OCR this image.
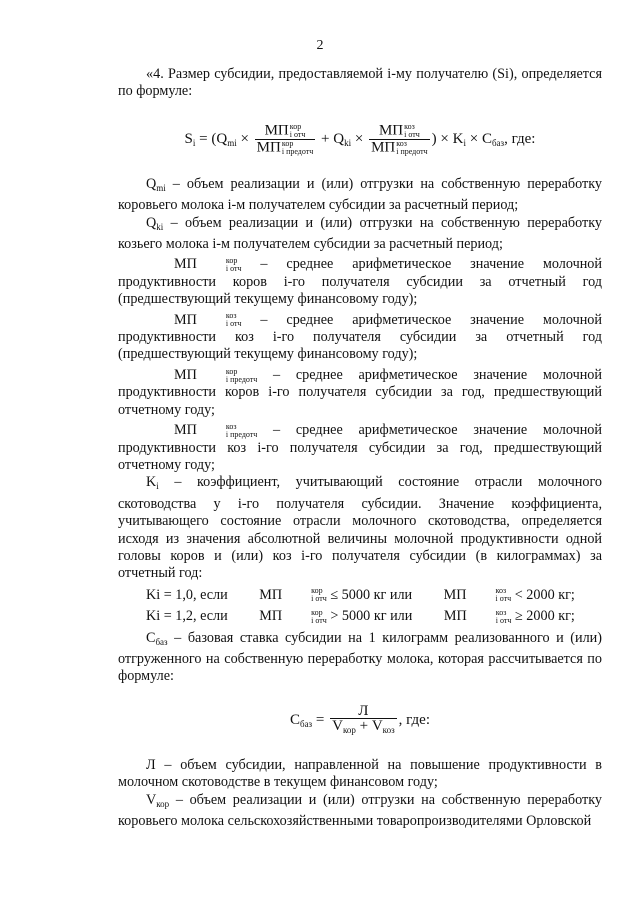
2

«4. Размер субсидии, предоставляемой i-му получателю (Si), определяется по формуле:

$S_i = (Q_{mi}$ × МП кор
i отч
МП кор
i предотч + $Q_{ki}$ × МП коз
i отч
МП коз
i предотч ) × $K_i \times C_{баз}$, где:

$Q_{mi}$ – объем реализации и (или) отгрузки на собственную переработку коровьего молока i-м получателем субсидии за расчетный период;

$Q_{ki}$ – объем реализации и (или) отгрузки на собственную переработку козьего молока i-м получателем субсидии за расчетный период;

МП	кор
i отч – среднее арифметическое значение молочной продуктивности коров i-го получателя субсидии за отчетный год (предшествующий текущему финансовому году);

МП	коз
i отч – среднее арифметическое значение молочной продуктивности коз i-го получателя субсидии за отчетный год (предшествующий текущему финансовому году);

МП	кор
i предотч – среднее арифметическое значение молочной продуктивности коров i-го получателя субсидии за год, предшествующий отчетному году;

МП	коз
i предотч – среднее арифметическое значение молочной продуктивности коз i-го получателя субсидии за год, предшествующий отчетному году;

$K_i$ – коэффициент, учитывающий состояние отрасли молочного скотоводства у i-го получателя субсидии. Значение коэффициента, учитывающего состояние отрасли молочного скотоводства, определяется исходя из значения абсолютной величины молочной продуктивности одной головы коров и (или) коз i-го получателя субсидии (в килограммах) за отчетный год:

Ki = 1,0, если МП	кор
i отч ≤ 5000 кг или МП	коз
i отч < 2000 кг;

Ki = 1,2, если МП	кор
i отч > 5000 кг или МП	коз
i отч ≥ 2000 кг;

$С_{баз}$ – базовая ставка субсидии на 1 килограмм реализованного и (или) отгруженного на собственную переработку молока, которая рассчитывается по формуле:

$С_{баз} = \frac{Л}{V_{кор} + V_{коз}}$ , где:

Л – объем субсидии, направленной на повышение продуктивности в молочном скотоводстве в текущем финансовом году;

$V_{кор}$ – объем реализации и (или) отгрузки на собственную переработку коровьего молока сельскохозяйственными товаропроизводителями Орловской
